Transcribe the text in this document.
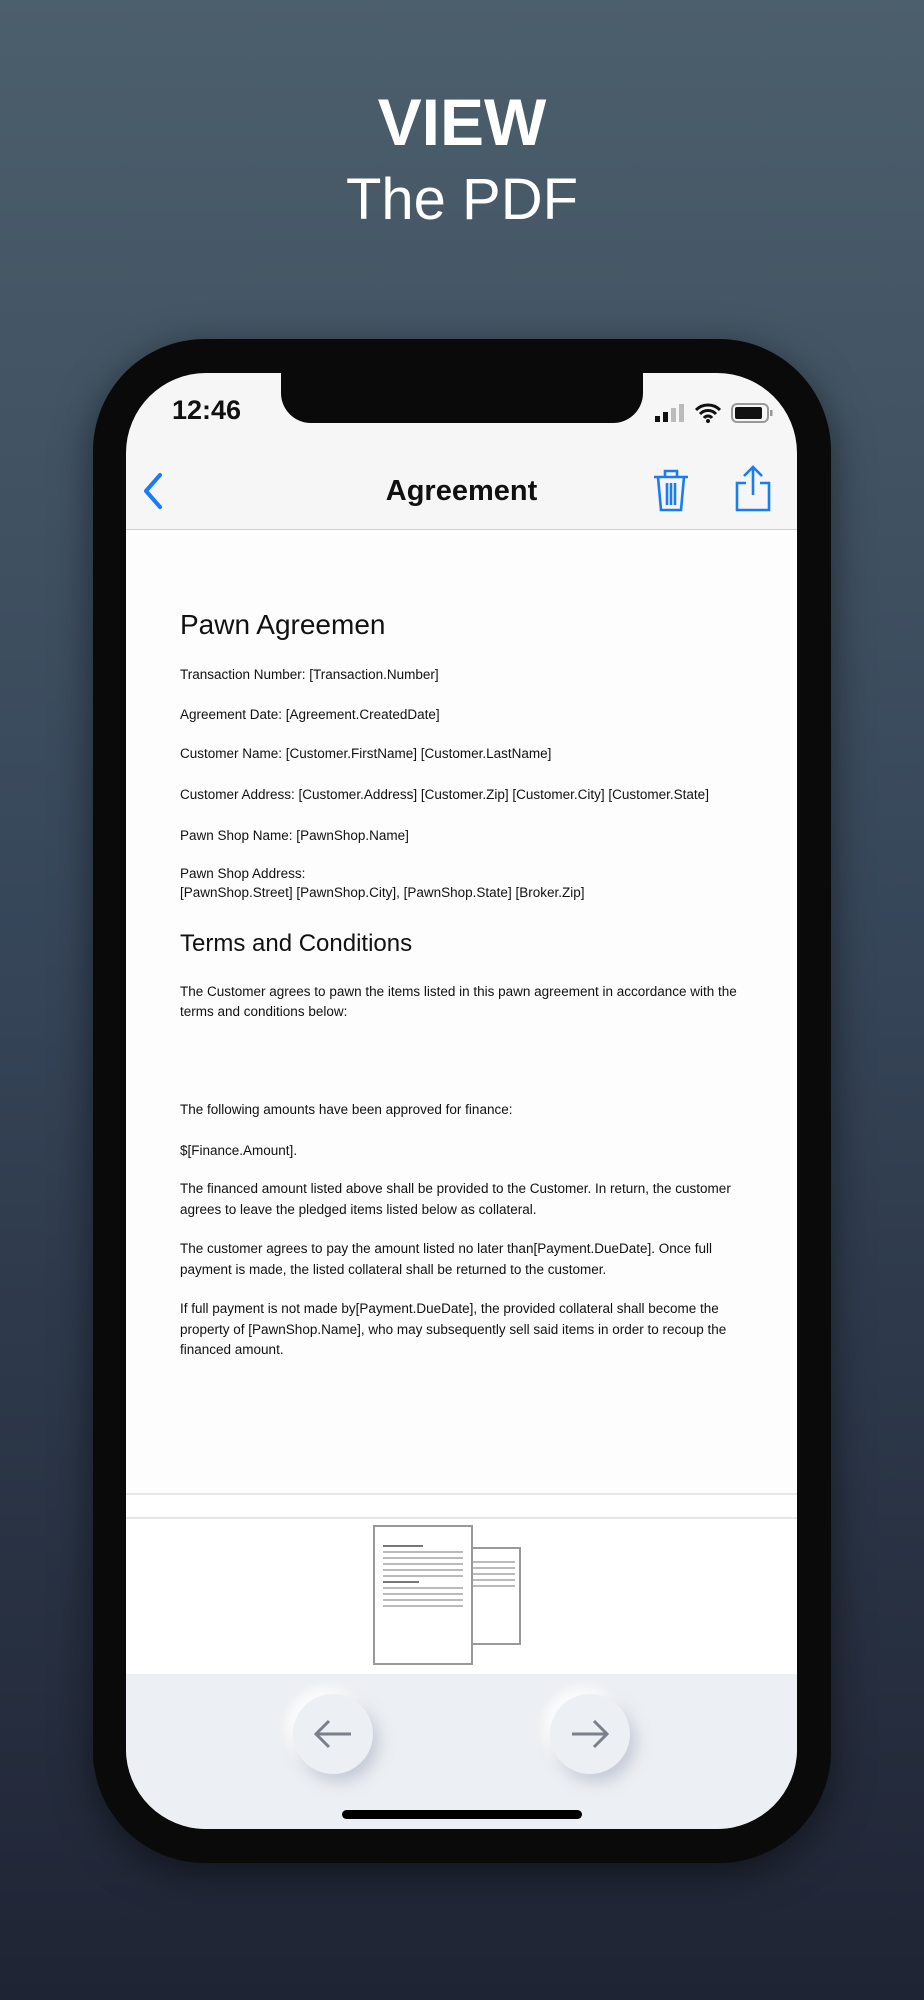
VIEW
The PDF
12:46
Agreement
Pawn Agreemen
Transaction Number: [Transaction.Number]
Agreement Date: [Agreement.CreatedDate]
Customer Name: [Customer.FirstName] [Customer.LastName]
Customer Address: [Customer.Address] [Customer.Zip] [Customer.City] [Customer.State]
Pawn Shop Name: [PawnShop.Name]
Pawn Shop Address:
[PawnShop.Street] [PawnShop.City], [PawnShop.State] [Broker.Zip]
Terms and Conditions
The Customer agrees to pawn the items listed in this pawn agreement in accordance with the
terms and conditions below:
The following amounts have been approved for finance:
$[Finance.Amount].
The financed amount listed above shall be provided to the Customer. In return, the customer
agrees to leave the pledged items listed below as collateral.
The customer agrees to pay the amount listed no later than[Payment.DueDate]. Once full
payment is made, the listed collateral shall be returned to the customer.
If full payment is not made by[Payment.DueDate], the provided collateral shall become the
property of [PawnShop.Name], who may subsequently sell said items in order to recoup the
financed amount.
